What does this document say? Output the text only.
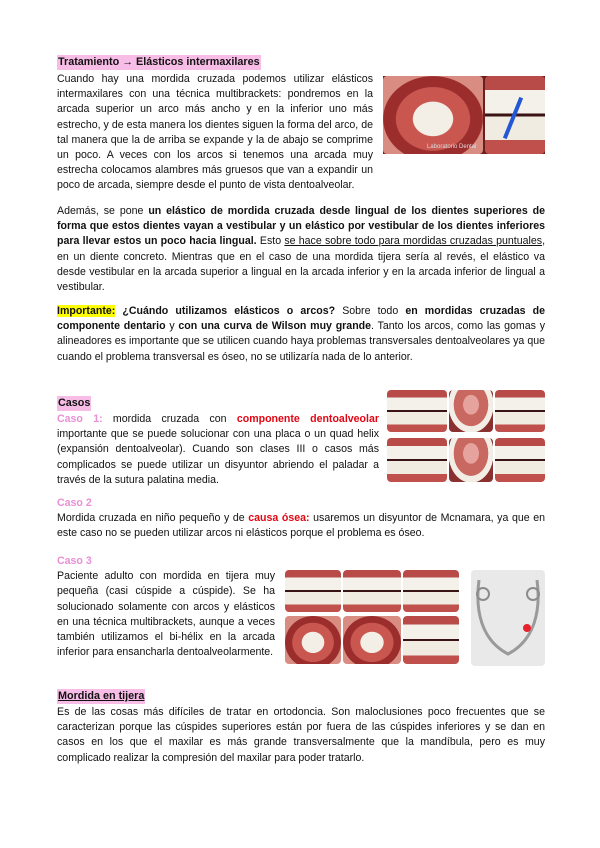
Tratamiento → Elásticos intermaxilares

Cuando hay una mordida cruzada podemos utilizar elásticos intermaxilares con una técnica multibrackets: pondremos en la arcada superior un arco más ancho y en la inferior uno más estrecho, y de esta manera los dientes siguen la forma del arco, de tal manera que la de arriba se expande y la de abajo se comprime un poco. A veces con los arcos si tenemos una arcada muy estrecha colocamos alambres más gruesos que van a expandir un poco de arcada, siempre desde el punto de vista dentoalveolar.

Laboratorio Dental

Además, se pone un elástico de mordida cruzada desde lingual de los dientes superiores de forma que estos dientes vayan a vestibular y un elástico por vestibular de los dientes inferiores para llevar estos un poco hacia lingual. Esto se hace sobre todo para mordidas cruzadas puntuales, en un diente concreto. Mientras que en el caso de una mordida tijera sería al revés, el elástico va desde vestibular en la arcada superior a lingual en la arcada inferior y en la arcada inferior de lingual a vestibular.

Importante: ¿Cuándo utilizamos elásticos o arcos? Sobre todo en mordidas cruzadas de componente dentario y con una curva de Wilson muy grande. Tanto los arcos, como las gomas y alineadores es importante que se utilicen cuando haya problemas transversales dentoalveolares ya que cuando el problema transversal es óseo, no se utilizaría nada de lo anterior.

Casos

Caso 1: mordida cruzada con componente dentoalveolar importante que se puede solucionar con una placa o un quad helix (expansión dentoalveolar). Cuando son clases III o casos más complicados se puede utilizar un disyuntor abriendo el paladar a través de la sutura palatina media.

Caso 2

Mordida cruzada en niño pequeño y de causa ósea: usaremos un disyuntor de Mcnamara, ya que en este caso no se pueden utilizar arcos ni elásticos porque el problema es óseo.

Caso 3

Paciente adulto con mordida en tijera muy pequeña (casi cúspide a cúspide). Se ha solucionado solamente con arcos y elásticos en una técnica multibrackets, aunque a veces también utilizamos el bi-hélix en la arcada inferior para ensancharla dentoalveolarmente.

Mordida en tijera

Es de las cosas más difíciles de tratar en ortodoncia. Son maloclusiones poco frecuentes que se caracterizan porque las cúspides superiores están por fuera de las cúspides inferiores y se dan en casos en los que el maxilar es más grande transversalmente que la mandíbula, pero es muy complicado realizar la compresión del maxilar para poder tratarlo.
